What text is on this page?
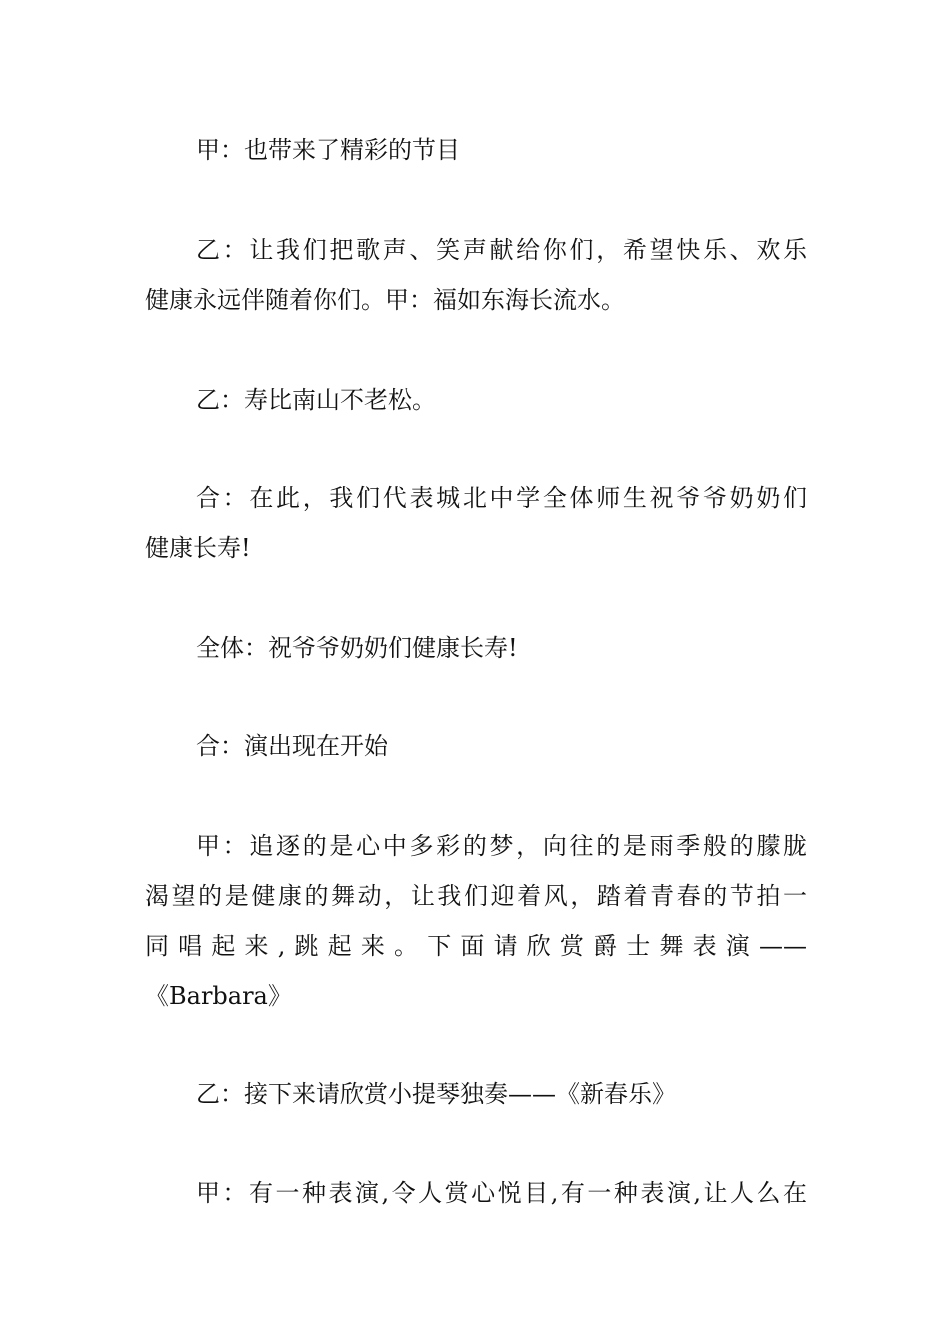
甲：也带来了精彩的节目

乙：让我们把歌声、笑声献给你们，希望快乐、欢乐
健康永远伴随着你们。甲：福如东海长流水。

乙：寿比南山不老松。

合：在此，我们代表城北中学全体师生祝爷爷奶奶们
健康长寿!

全体：祝爷爷奶奶们健康长寿!

合：演出现在开始

甲：追逐的是心中多彩的梦，向往的是雨季般的朦胧
渴望的是健康的舞动，让我们迎着风，踏着青春的节拍一
同唱起来,跳起来。下面请欣赏爵士舞表演——
《Barbara》

乙：接下来请欣赏小提琴独奏——《新春乐》

甲：有一种表演,令人赏心悦目,有一种表演,让人么在
